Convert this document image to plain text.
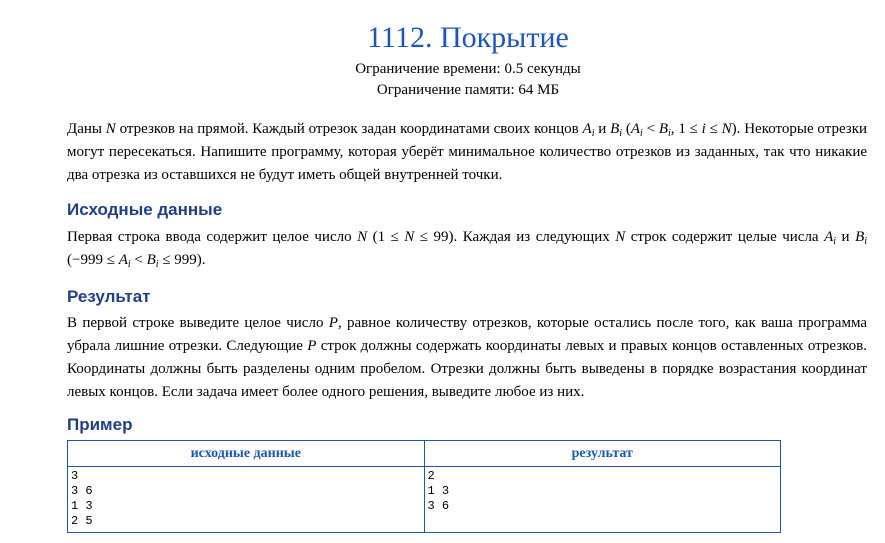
1112. Покрытие
Ограничение времени: 0.5 секунды
Ограничение памяти: 64 МБ

Даны N отрезков на прямой. Каждый отрезок задан координатами своих концов $A_i$ и $B_i$ ($A_i < B_i$, 1 ≤ i ≤ N). Некоторые отрезки могут пересекаться. Напишите программу, которая уберёт минимальное количество отрезков из заданных, так что никакие два отрезка из оставшихся не будут иметь общей внутренней точки.

Исходные данные

Первая строка ввода содержит целое число N (1 ≤ N ≤ 99). Каждая из следующих N строк содержит целые числа $A_i$ и $B_i$ $(-999 \le A_i < B_i \le 999)$.

Результат

В первой строке выведите целое число P, равное количеству отрезков, которые остались после того, как ваша программа убрала лишние отрезки. Следующие P строк должны содержать координаты левых и правых концов оставленных отрезков. Координаты должны быть разделены одним пробелом. Отрезки должны быть выведены в порядке возрастания координат левых концов. Если задача имеет более одного решения, выведите любое из них.

Пример
исходные данные	результат
3
3 6
1 3
2 5	2
1 3
3 6
